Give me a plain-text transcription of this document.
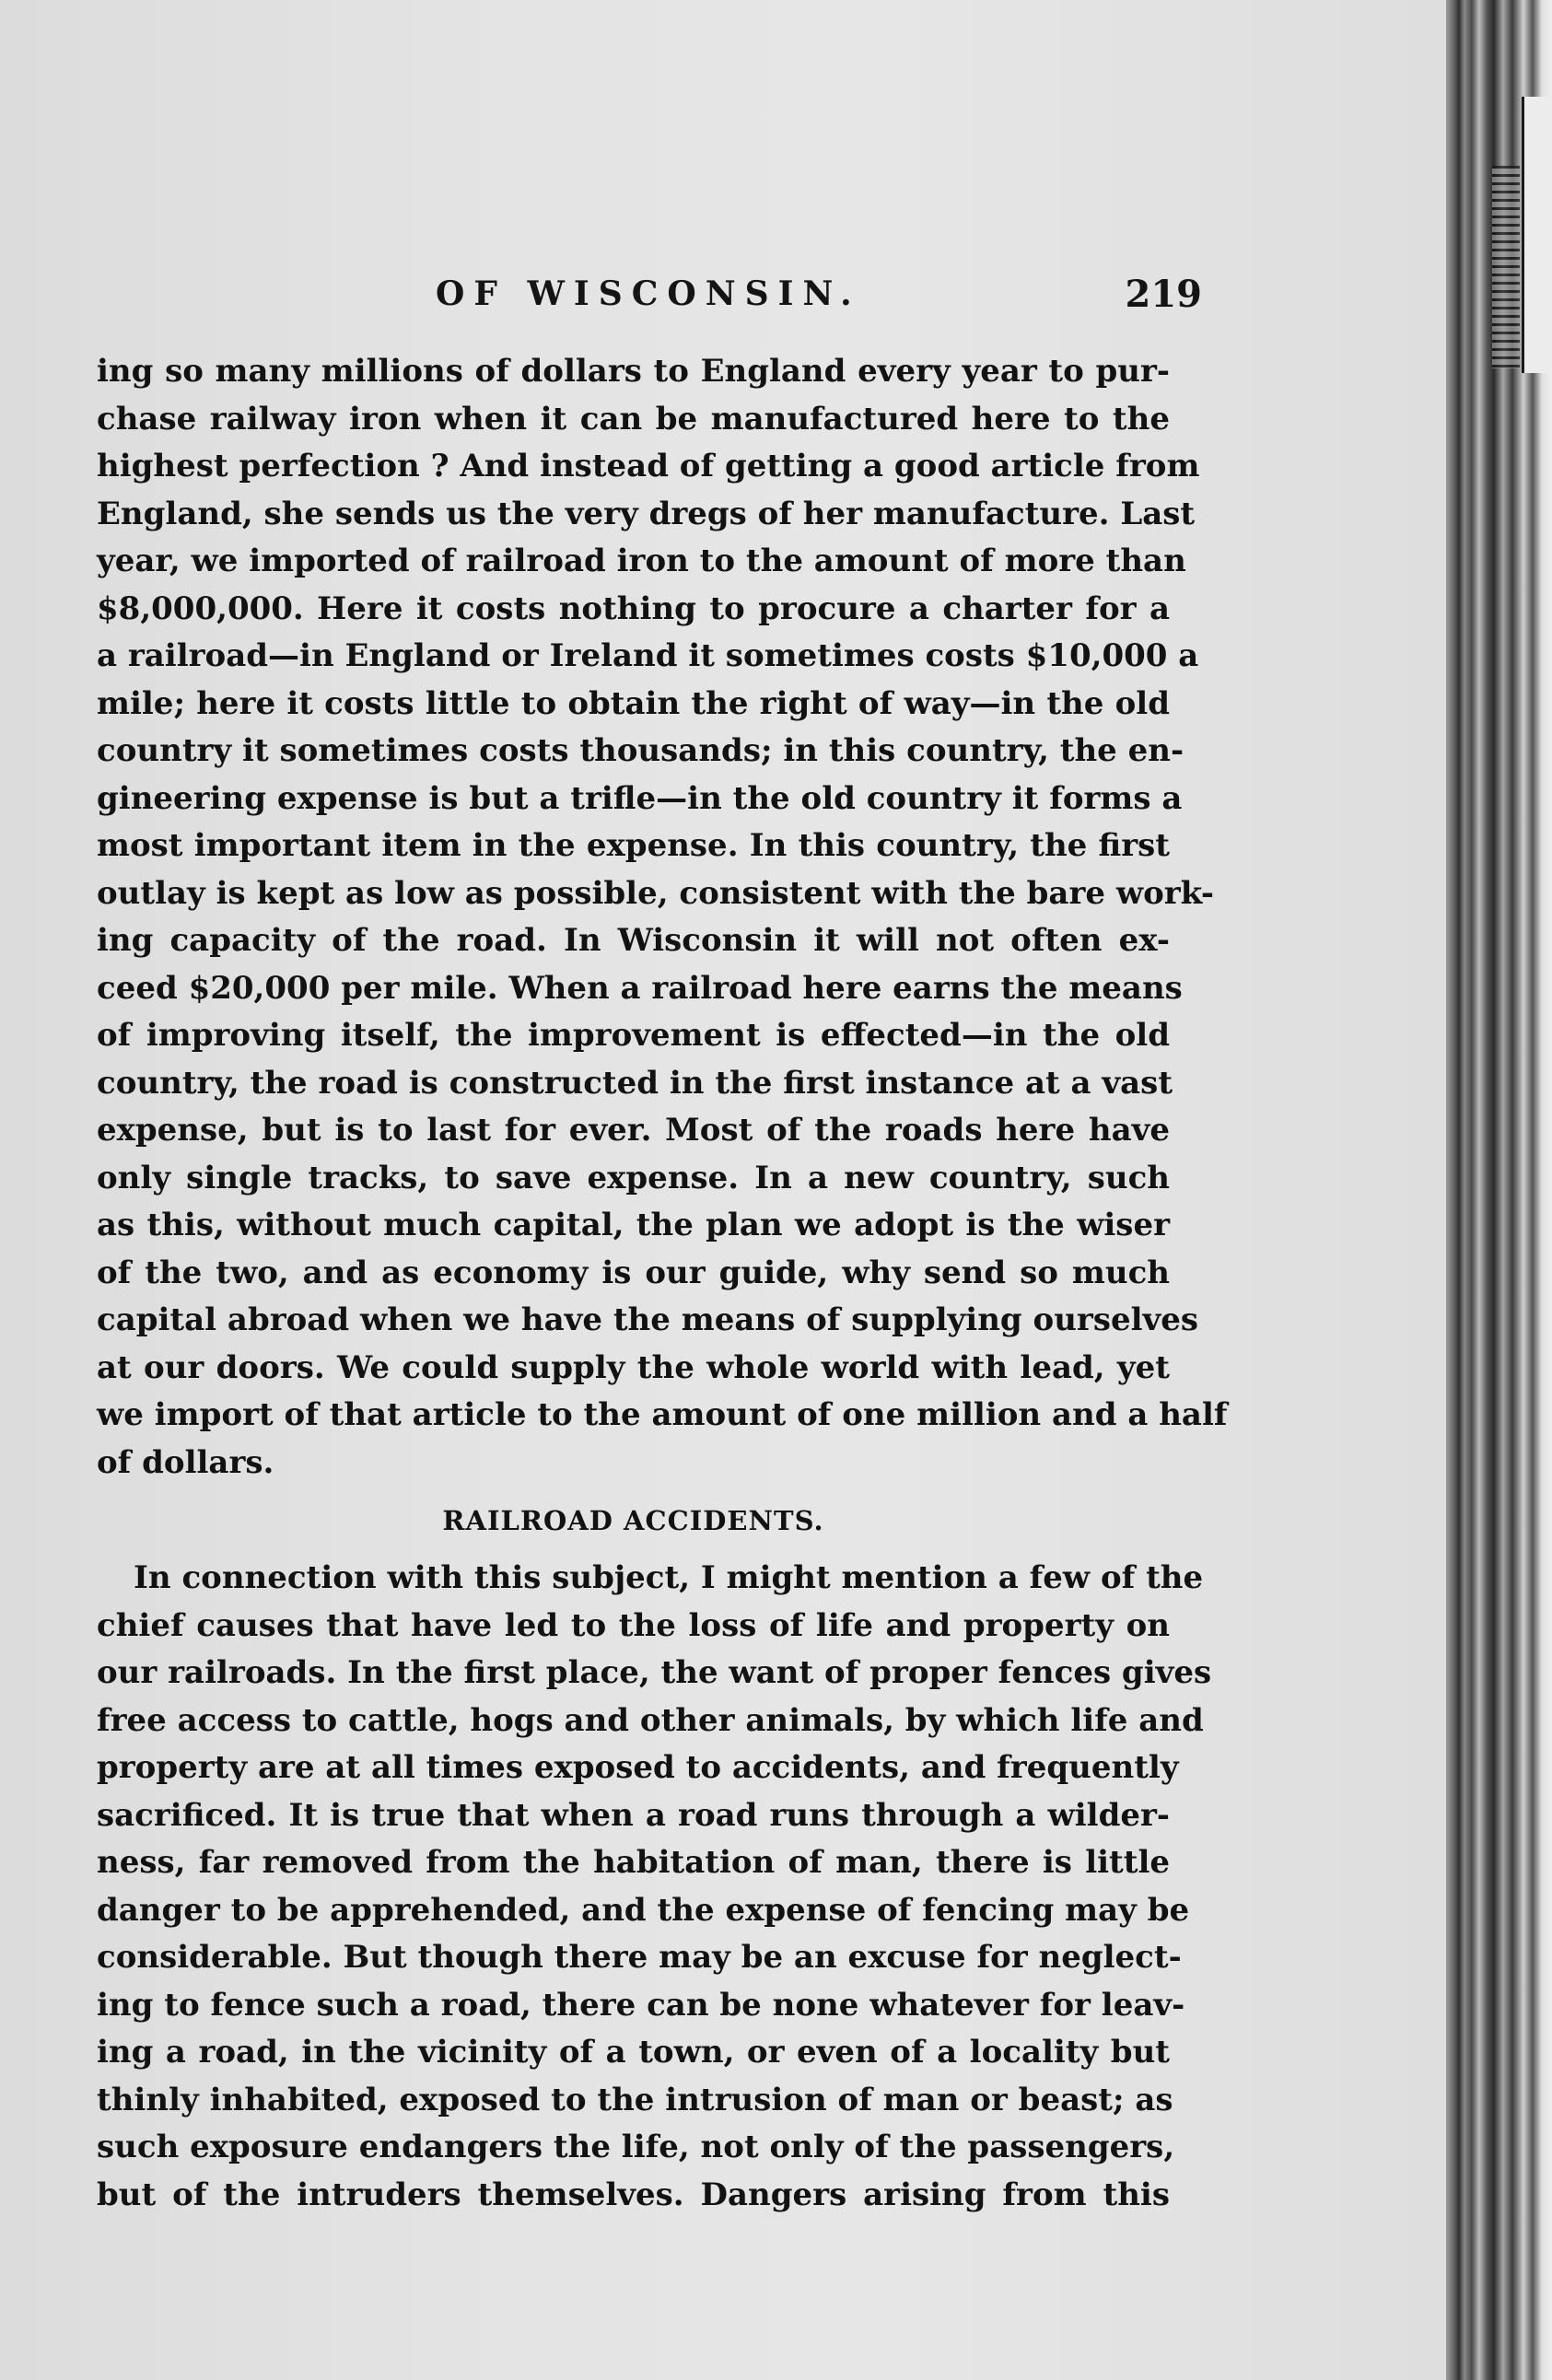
OF WISCONSIN.	219
ing so many millions of dollars to England every year to pur-
chase railway iron when it can be manufactured here to the
highest perfection ? And instead of getting a good article from
England, she sends us the very dregs of her manufacture. Last
year, we imported of railroad iron to the amount of more than
$8,000,000. Here it costs nothing to procure a charter for a
a railroad—in England or Ireland it sometimes costs $10,000 a
mile; here it costs little to obtain the right of way—in the old
country it sometimes costs thousands; in this country, the en-
gineering expense is but a trifle—in the old country it forms a
most important item in the expense. In this country, the first
outlay is kept as low as possible, consistent with the bare work-
ing capacity of the road. In Wisconsin it will not often ex-
ceed $20,000 per mile. When a railroad here earns the means
of improving itself, the improvement is effected—in the old
country, the road is constructed in the first instance at a vast
expense, but is to last for ever. Most of the roads here have
only single tracks, to save expense. In a new country, such
as this, without much capital, the plan we adopt is the wiser
of the two, and as economy is our guide, why send so much
capital abroad when we have the means of supplying ourselves
at our doors. We could supply the whole world with lead, yet
we import of that article to the amount of one million and a half
of dollars.
RAILROAD ACCIDENTS.
In connection with this subject, I might mention a few of the
chief causes that have led to the loss of life and property on
our railroads. In the first place, the want of proper fences gives
free access to cattle, hogs and other animals, by which life and
property are at all times exposed to accidents, and frequently
sacrificed. It is true that when a road runs through a wilder-
ness, far removed from the habitation of man, there is little
danger to be apprehended, and the expense of fencing may be
considerable. But though there may be an excuse for neglect-
ing to fence such a road, there can be none whatever for leav-
ing a road, in the vicinity of a town, or even of a locality but
thinly inhabited, exposed to the intrusion of man or beast; as
such exposure endangers the life, not only of the passengers,
but of the intruders themselves. Dangers arising from this
